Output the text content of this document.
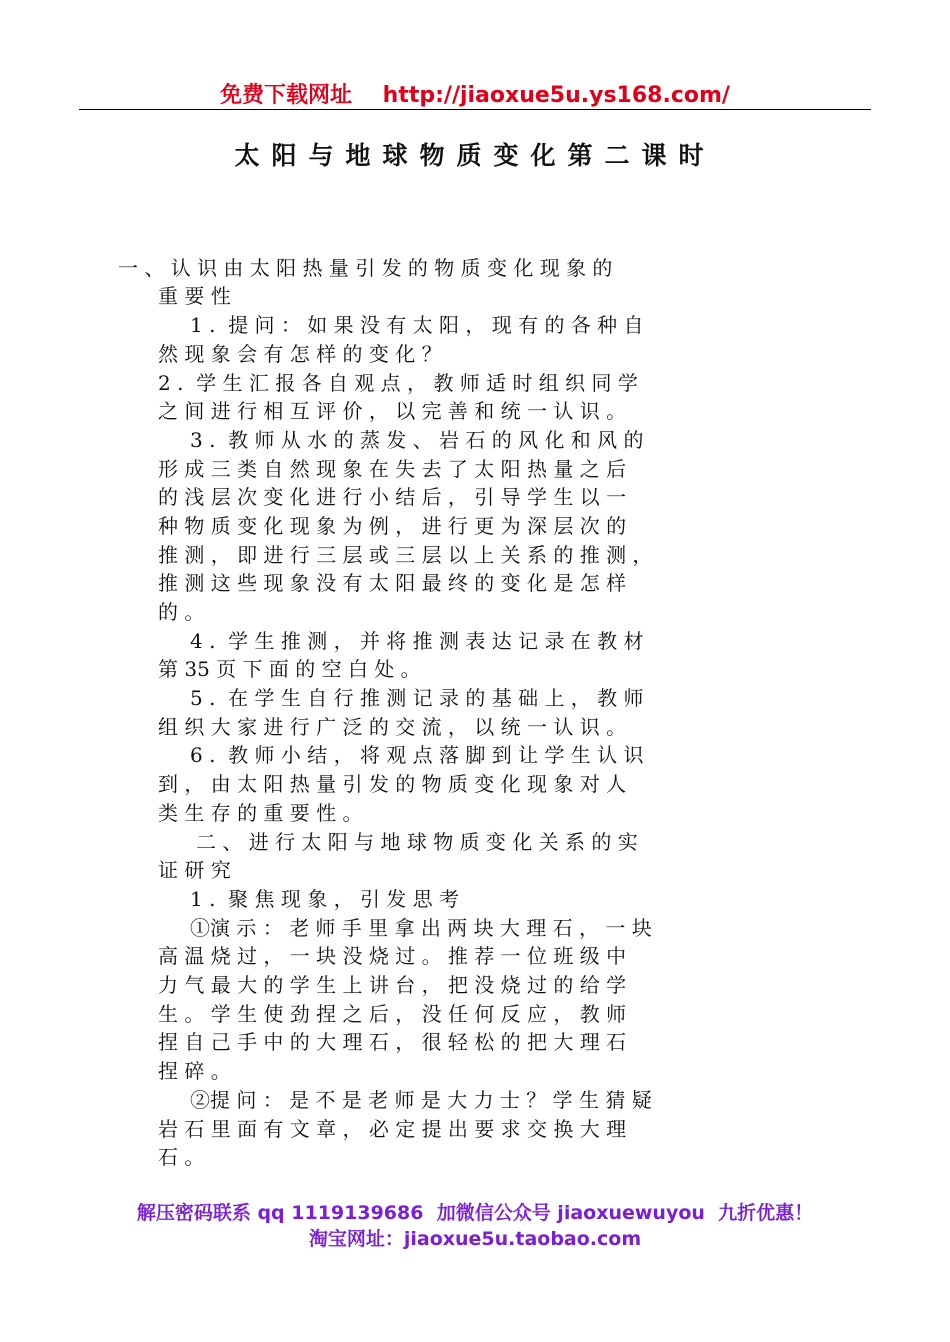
免费下载网址    http://jiaoxue5u.ys168.com/
太阳与地球物质变化第二课时
一 、 认 识 由 太 阳 热 量 引 发 的 物 质 变 化 现 象 的
重 要 性
1 .  提 问 ： 如 果 没 有 太 阳 ， 现 有 的 各 种 自
然 现 象 会 有 怎 样 的 变 化 ？
2 .  学 生 汇 报 各 自 观 点 ， 教 师 适 时 组 织 同 学
之 间 进 行 相 互 评 价 ， 以 完 善 和 统 一 认 识 。
3 .  教 师 从 水 的 蒸 发 、 岩 石 的 风 化 和 风 的
形 成 三 类 自 然 现 象 在 失 去 了 太 阳 热 量 之 后
的 浅 层 次 变 化 进 行 小 结 后 ， 引 导 学 生 以 一
种 物 质 变 化 现 象 为 例 ， 进 行 更 为 深 层 次 的
推 测 ， 即 进 行 三 层 或 三 层 以 上 关 系 的 推 测 ，
推 测 这 些 现 象 没 有 太 阳 最 终 的 变 化 是 怎 样
的 。
4 .  学 生 推 测 ， 并 将 推 测 表 达 记 录 在 教 材
第 35 页 下 面 的 空 白 处 。
5 .  在 学 生 自 行 推 测 记 录 的 基 础 上 ， 教 师
组 织 大 家 进 行 广 泛 的 交 流 ， 以 统 一 认 识 。
6 .  教 师 小 结 ， 将 观 点 落 脚 到 让 学 生 认 识
到 ， 由 太 阳 热 量 引 发 的 物 质 变 化 现 象 对 人
类 生 存 的 重 要 性 。
二 、 进 行 太 阳 与 地 球 物 质 变 化 关 系 的 实
证 研 究
1 .  聚 焦 现 象 ， 引 发 思 考
①演 示 ： 老 师 手 里 拿 出 两 块 大 理 石 ， 一 块
高 温 烧 过 ， 一 块 没 烧 过 。 推 荐 一 位 班 级 中
力 气 最 大 的 学 生 上 讲 台 ， 把 没 烧 过 的 给 学
生 。 学 生 使 劲 捏 之 后 ， 没 任 何 反 应 ， 教 师
捏 自 己 手 中 的 大 理 石 ， 很 轻 松 的 把 大 理 石
捏 碎 。
②提 问 ： 是 不 是 老 师 是 大 力 士 ？ 学 生 猜 疑
岩 石 里 面 有 文 章 ， 必 定 提 出 要 求 交 换 大 理
石 。
解压密码联系 qq 1119139686  加微信公众号 jiaoxuewuyou  九折优惠！
淘宝网址：jiaoxue5u.taobao.com
